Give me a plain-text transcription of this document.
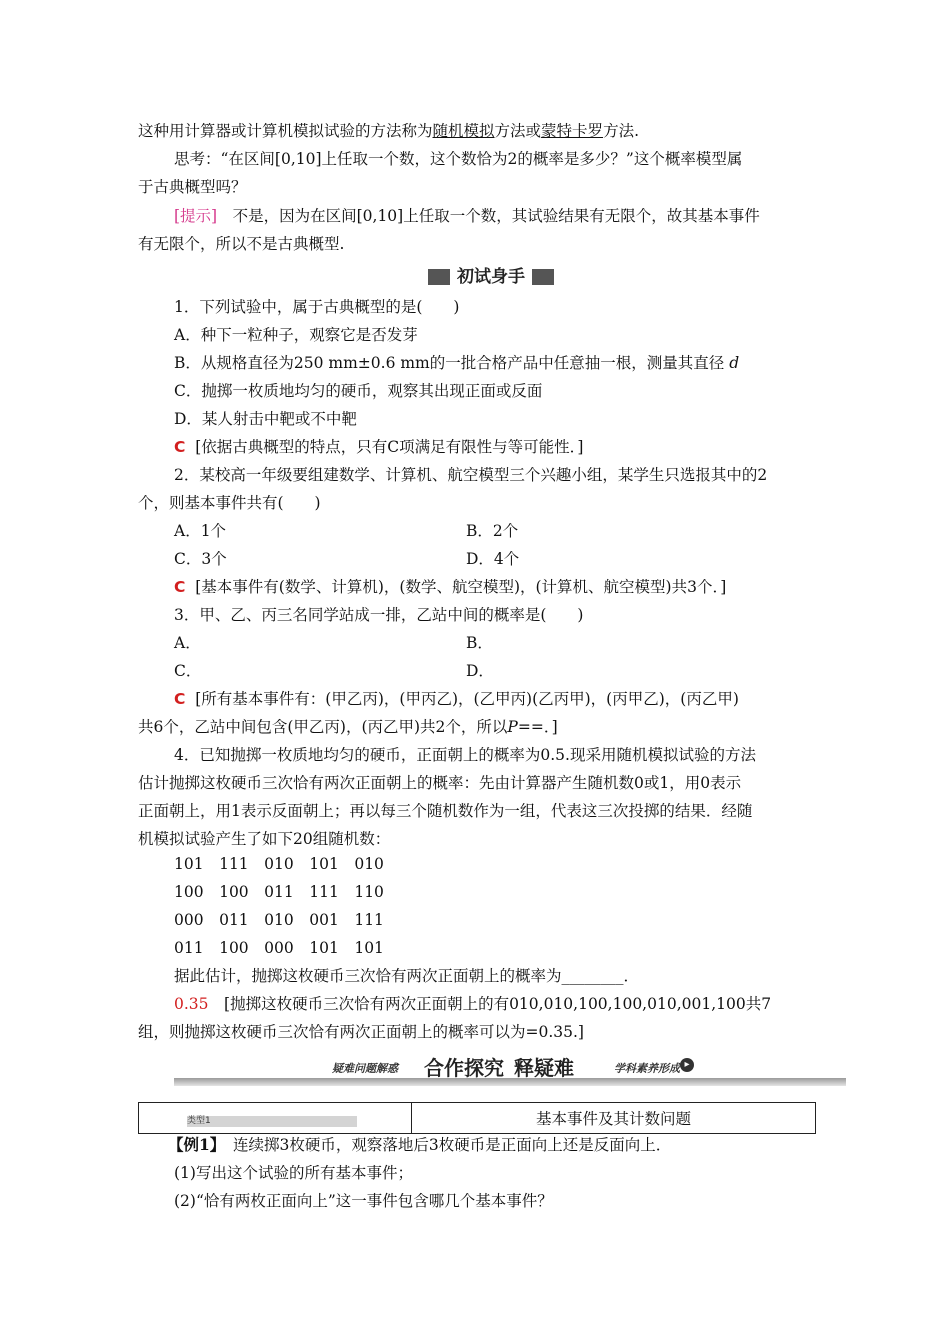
这种用计算器或计算机模拟试验的方法称为随机模拟方法或蒙特卡罗方法.
思考：“在区间[0,10]上任取一个数，这个数恰为2的概率是多少？”这个概率模型属
于古典概型吗？
[提示]　不是，因为在区间[0,10]上任取一个数，其试验结果有无限个，故其基本事件
有无限个，所以不是古典概型.
初试身手
1．下列试验中，属于古典概型的是(　　)
A．种下一粒种子，观察它是否发芽
B．从规格直径为250 mm±0.6 mm的一批合格产品中任意抽一根，测量其直径 d
C．抛掷一枚质地均匀的硬币，观察其出现正面或反面
D．某人射击中靶或不中靶
C [依据古典概型的特点，只有C项满足有限性与等可能性．]
2．某校高一年级要组建数学、计算机、航空模型三个兴趣小组，某学生只选报其中的2
个，则基本事件共有(　　)
A．1个	B．2个
C．3个	D．4个
C [基本事件有(数学、计算机)，(数学、航空模型)，(计算机、航空模型)共3个．]
3．甲、乙、丙三名同学站成一排，乙站中间的概率是(　　)
A．	B．
C．	D．
C [所有基本事件有：(甲乙丙)，(甲丙乙)，(乙甲丙)(乙丙甲)，(丙甲乙)，(丙乙甲)
共6个，乙站中间包含(甲乙丙)，(丙乙甲)共2个，所以P==．]
4．已知抛掷一枚质地均匀的硬币，正面朝上的概率为0.5.现采用随机模拟试验的方法
估计抛掷这枚硬币三次恰有两次正面朝上的概率：先由计算器产生随机数0或1，用0表示
正面朝上，用1表示反面朝上；再以每三个随机数作为一组，代表这三次投掷的结果．经随
机模拟试验产生了如下20组随机数：
101　111　010　101　010
100　100　011　111　110
000　011　010　001　111
011　100　000　101　101
据此估计，抛掷这枚硬币三次恰有两次正面朝上的概率为________．
0.35　[抛掷这枚硬币三次恰有两次正面朝上的有010,010,100,100,010,001,100共7
组，则抛掷这枚硬币三次恰有两次正面朝上的概率可以为=0.35.]
疑难问题解惑 合作探究	▸
释疑难	学科素养形成
类型1	基本事件及其计数问题
【例1】　连续掷3枚硬币，观察落地后3枚硬币是正面向上还是反面向上．
(1)写出这个试验的所有基本事件；
(2)“恰有两枚正面向上”这一事件包含哪几个基本事件？
